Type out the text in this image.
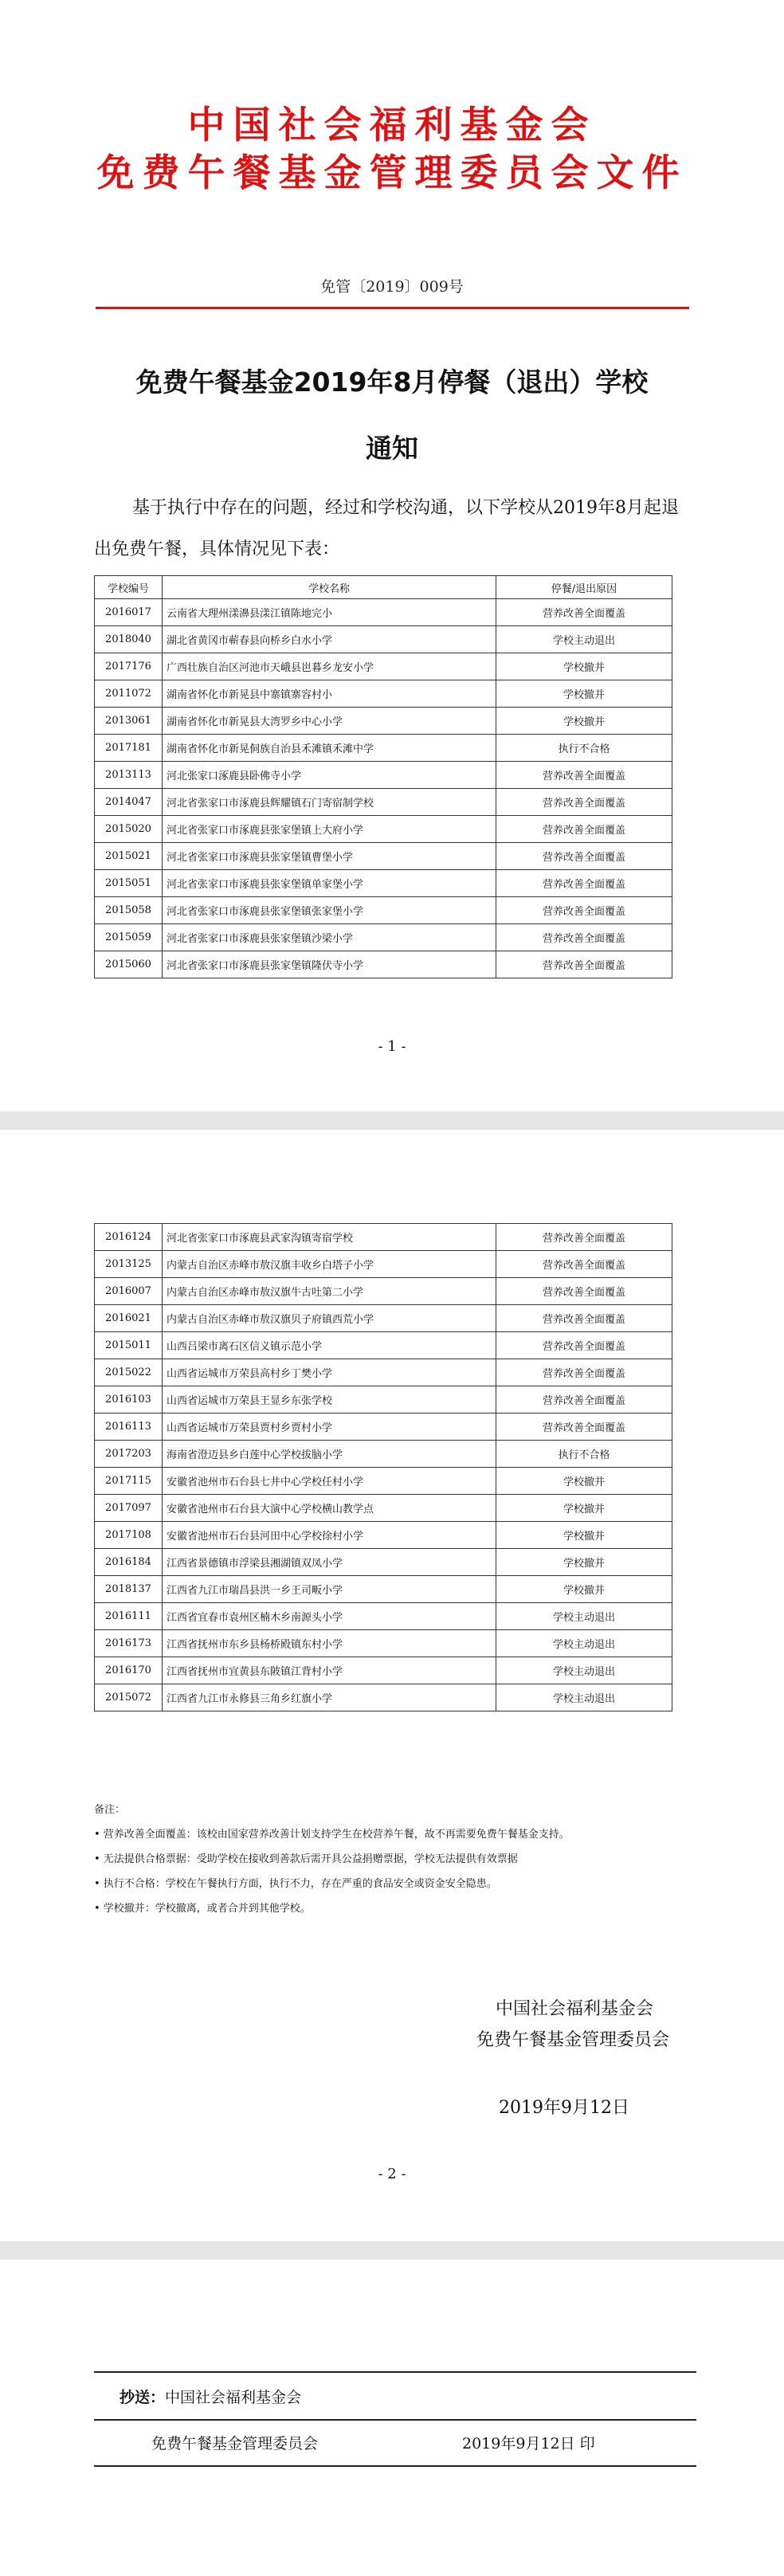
中国社会福利基金会
免费午餐基金管理委员会文件
免管〔2019〕009号
免费午餐基金2019年8月停餐（退出）学校
通知

基于执行中存在的问题，经过和学校沟通，以下学校从2019年8月起退出免费午餐，具体情况见下表：

学校编号	学校名称	停餐/退出原因
2016017	云南省大理州漾濞县漾江镇陈地完小	营养改善全面覆盖
2018040	湖北省黄冈市蕲春县向桥乡白水小学	学校主动退出
2017176	广西壮族自治区河池市天峨县岜暮乡龙安小学	学校撤并
2011072	湖南省怀化市新晃县中寨镇寨容村小	学校撤并
2013061	湖南省怀化市新晃县大湾罗乡中心小学	学校撤并
2017181	湖南省怀化市新晃侗族自治县禾滩镇禾滩中学	执行不合格
2013113	河北张家口涿鹿县卧佛寺小学	营养改善全面覆盖
2014047	河北省张家口市涿鹿县辉耀镇石门寄宿制学校	营养改善全面覆盖
2015020	河北省张家口市涿鹿县张家堡镇上大府小学	营养改善全面覆盖
2015021	河北省张家口市涿鹿县张家堡镇曹堡小学	营养改善全面覆盖
2015051	河北省张家口市涿鹿县张家堡镇单家堡小学	营养改善全面覆盖
2015058	河北省张家口市涿鹿县张家堡镇张家堡小学	营养改善全面覆盖
2015059	河北省张家口市涿鹿县张家堡镇沙梁小学	营养改善全面覆盖
2015060	河北省张家口市涿鹿县张家堡镇隆伏寺小学	营养改善全面覆盖
- 1 -
2016124	河北省张家口市涿鹿县武家沟镇寄宿学校	营养改善全面覆盖
2013125	内蒙古自治区赤峰市敖汉旗丰收乡白塔子小学	营养改善全面覆盖
2016007	内蒙古自治区赤峰市敖汉旗牛古吐第二小学	营养改善全面覆盖
2016021	内蒙古自治区赤峰市敖汉旗贝子府镇西荒小学	营养改善全面覆盖
2015011	山西吕梁市离石区信义镇示范小学	营养改善全面覆盖
2015022	山西省运城市万荣县高村乡丁樊小学	营养改善全面覆盖
2016103	山西省运城市万荣县王显乡东张学校	营养改善全面覆盖
2016113	山西省运城市万荣县贾村乡贾村小学	营养改善全面覆盖
2017203	海南省澄迈县乡白莲中心学校拔脑小学	执行不合格
2017115	安徽省池州市石台县七井中心学校任村小学	学校撤并
2017097	安徽省池州市石台县大演中心学校横山教学点	学校撤并
2017108	安徽省池州市石台县河田中心学校徐村小学	学校撤并
2016184	江西省景德镇市浮梁县湘湖镇双凤小学	学校撤并
2018137	江西省九江市瑞昌县洪一乡王司畈小学	学校撤并
2016111	江西省宜春市袁州区楠木乡南源头小学	学校主动退出
2016173	江西省抚州市东乡县杨桥殿镇东村小学	学校主动退出
2016170	江西省抚州市宜黄县东陂镇江背村小学	学校主动退出
2015072	江西省九江市永修县三角乡红旗小学	学校主动退出
备注：
• 营养改善全面覆盖：该校由国家营养改善计划支持学生在校营养午餐，故不再需要免费午餐基金支持。
• 无法提供合格票据：受助学校在接收到善款后需开具公益捐赠票据，学校无法提供有效票据
• 执行不合格：学校在午餐执行方面，执行不力，存在严重的食品安全或资金安全隐患。
• 学校撤并：学校撤离，或者合并到其他学校。
中国社会福利基金会
免费午餐基金管理委员会
2019年9月12日
- 2 -
抄送：中国社会福利基金会
免费午餐基金管理委员会	2019年9月12日 印
